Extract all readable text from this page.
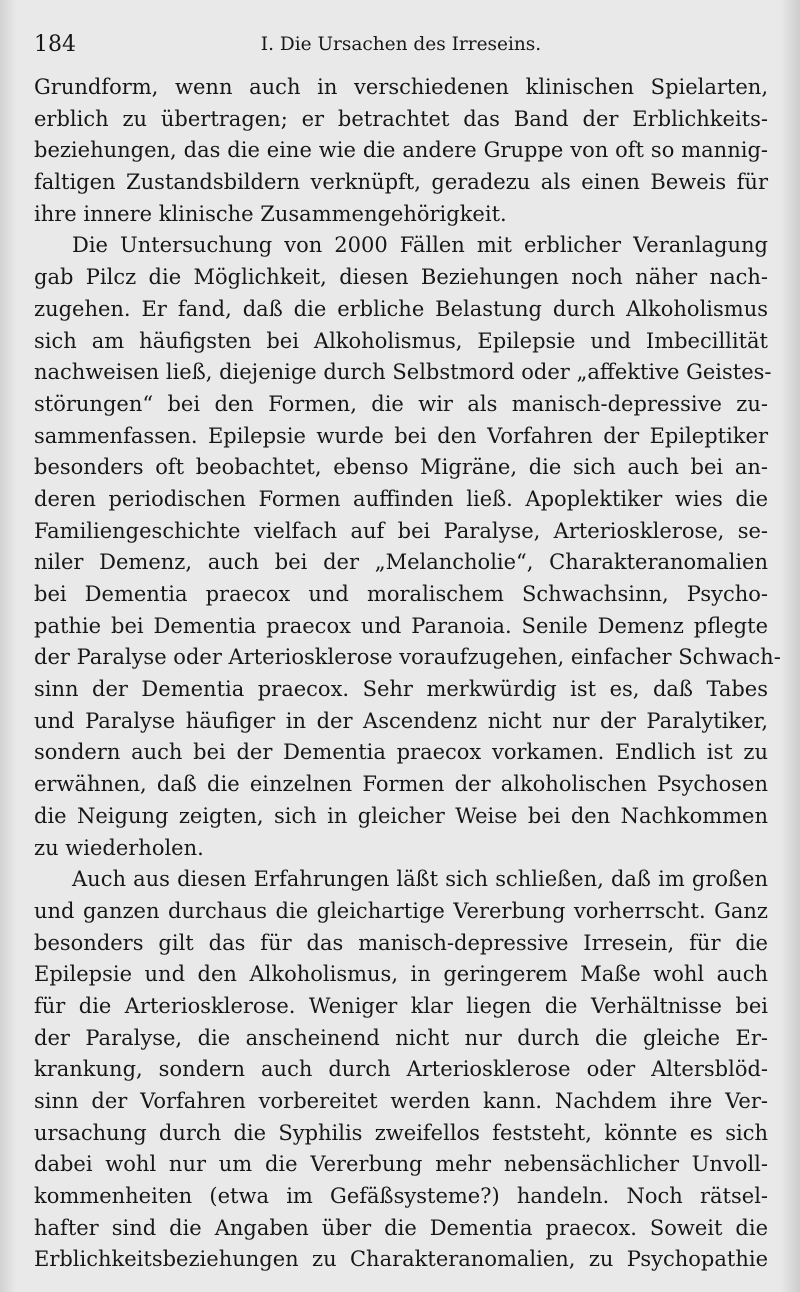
184	I. Die Ursachen des Irreseins.
Grundform, wenn auch in verschiedenen klinischen Spielarten,
erblich zu übertragen; er betrachtet das Band der Erblichkeits-
beziehungen, das die eine wie die andere Gruppe von oft so mannig-
faltigen Zustandsbildern verknüpft, geradezu als einen Beweis für
ihre innere klinische Zusammengehörigkeit.
Die Untersuchung von 2000 Fällen mit erblicher Veranlagung
gab Pilcz die Möglichkeit, diesen Beziehungen noch näher nach-
zugehen. Er fand, daß die erbliche Belastung durch Alkoholismus
sich am häufigsten bei Alkoholismus, Epilepsie und Imbecillität
nachweisen ließ, diejenige durch Selbstmord oder „affektive Geistes-
störungen“ bei den Formen, die wir als manisch-depressive zu-
sammenfassen. Epilepsie wurde bei den Vorfahren der Epileptiker
besonders oft beobachtet, ebenso Migräne, die sich auch bei an-
deren periodischen Formen auffinden ließ. Apoplektiker wies die
Familiengeschichte vielfach auf bei Paralyse, Arteriosklerose, se-
niler Demenz, auch bei der „Melancholie“, Charakteranomalien
bei Dementia praecox und moralischem Schwachsinn, Psycho-
pathie bei Dementia praecox und Paranoia. Senile Demenz pflegte
der Paralyse oder Arteriosklerose voraufzugehen, einfacher Schwach-
sinn der Dementia praecox. Sehr merkwürdig ist es, daß Tabes
und Paralyse häufiger in der Ascendenz nicht nur der Paralytiker,
sondern auch bei der Dementia praecox vorkamen. Endlich ist zu
erwähnen, daß die einzelnen Formen der alkoholischen Psychosen
die Neigung zeigten, sich in gleicher Weise bei den Nachkommen
zu wiederholen.
Auch aus diesen Erfahrungen läßt sich schließen, daß im großen
und ganzen durchaus die gleichartige Vererbung vorherrscht. Ganz
besonders gilt das für das manisch-depressive Irresein, für die
Epilepsie und den Alkoholismus, in geringerem Maße wohl auch
für die Arteriosklerose. Weniger klar liegen die Verhältnisse bei
der Paralyse, die anscheinend nicht nur durch die gleiche Er-
krankung, sondern auch durch Arteriosklerose oder Altersblöd-
sinn der Vorfahren vorbereitet werden kann. Nachdem ihre Ver-
ursachung durch die Syphilis zweifellos feststeht, könnte es sich
dabei wohl nur um die Vererbung mehr nebensächlicher Unvoll-
kommenheiten (etwa im Gefäßsysteme?) handeln. Noch rätsel-
hafter sind die Angaben über die Dementia praecox. Soweit die
Erblichkeitsbeziehungen zu Charakteranomalien, zu Psychopathie
